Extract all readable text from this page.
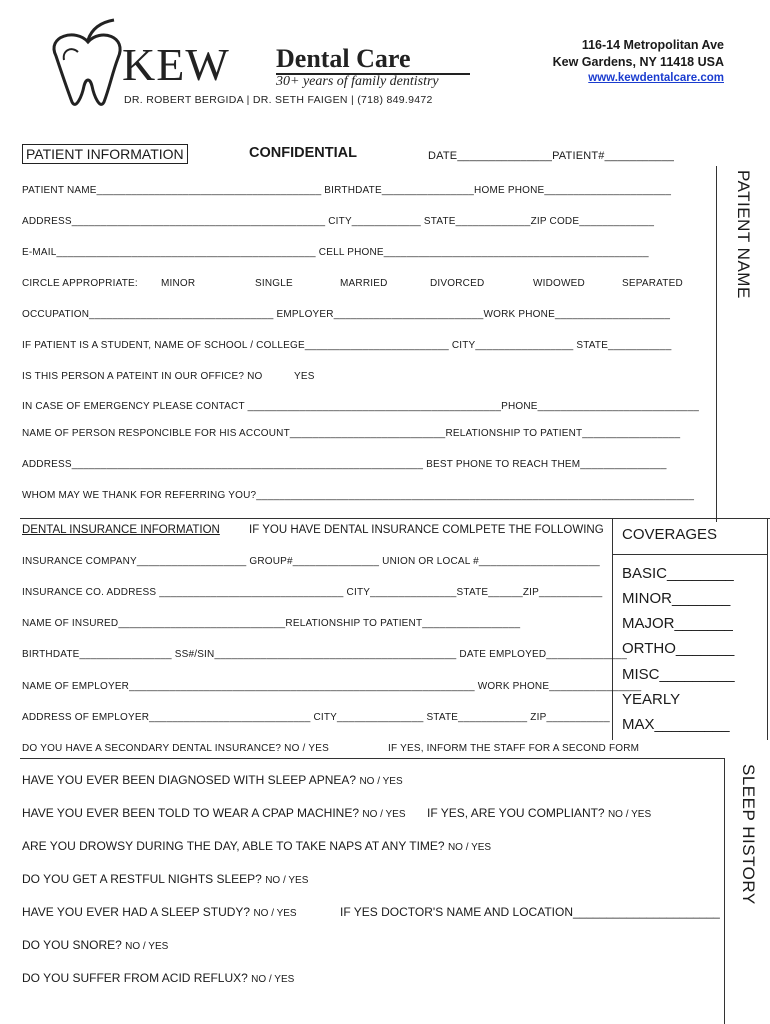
KEW Dental Care
30+ years of family dentistry
DR. ROBERT BERGIDA | DR. SETH FAIGEN | (718) 849.9472
116-14 Metropolitan Ave
Kew Gardens, NY 11418 USA
www.kewdentalcare.com
PATIENT INFORMATION	CONFIDENTIAL	DATE_______________PATIENT#___________
PATIENT NAME
PATIENT NAME_______________________________________ BIRTHDATE________________HOME PHONE______________________
ADDRESS____________________________________________ CITY____________ STATE_____________ZIP CODE_____________
E-MAIL_____________________________________________ CELL PHONE______________________________________________
CIRCLE APPROPRIATE: MINOR	SINGLE	MARRIED	DIVORCED	WIDOWED	SEPARATED
OCCUPATION________________________________ EMPLOYER__________________________WORK PHONE____________________
IF PATIENT IS A STUDENT, NAME OF SCHOOL / COLLEGE_________________________ CITY_________________ STATE___________
IS THIS PERSON A PATEINT IN OUR OFFICE? NO	YES
IN CASE OF EMERGENCY PLEASE CONTACT ____________________________________________PHONE____________________________
NAME OF PERSON RESPONCIBLE FOR HIS ACCOUNT___________________________RELATIONSHIP TO PATIENT_________________
ADDRESS_____________________________________________________________ BEST PHONE TO REACH THEM_______________
WHOM MAY WE THANK FOR REFERRING YOU?____________________________________________________________________________
DENTAL INSURANCE INFORMATION	IF YOU HAVE DENTAL INSURANCE COMLPETE THE FOLLOWING COVERAGES
BASIC________
MINOR_______
MAJOR_______
ORTHO_______
MISC_________
YEARLY
MAX_________
INSURANCE COMPANY___________________ GROUP#_______________ UNION OR LOCAL #_____________________
INSURANCE CO. ADDRESS ________________________________ CITY_______________STATE______ZIP___________
NAME OF INSURED_____________________________RELATIONSHIP TO PATIENT_________________
BIRTHDATE________________ SS#/SIN__________________________________________ DATE EMPLOYED______________
NAME OF EMPLOYER____________________________________________________________ WORK PHONE________________
ADDRESS OF EMPLOYER____________________________ CITY_______________ STATE____________ ZIP___________
DO YOU HAVE A SECONDARY DENTAL INSURANCE? NO / YES	IF YES, INFORM THE STAFF FOR A SECOND FORM
SLEEP HISTORY
HAVE YOU EVER BEEN DIAGNOSED WITH SLEEP APNEA? NO / YES
HAVE YOU EVER BEEN TOLD TO WEAR A CPAP MACHINE? NO / YES IF YES, ARE YOU COMPLIANT? NO / YES
ARE YOU DROWSY DURING THE DAY, ABLE TO TAKE NAPS AT ANY TIME? NO / YES
DO YOU GET A RESTFUL NIGHTS SLEEP? NO / YES
HAVE YOU EVER HAD A SLEEP STUDY? NO / YES	IF YES DOCTOR'S NAME AND LOCATION______________________
DO YOU SNORE? NO / YES
DO YOU SUFFER FROM ACID REFLUX? NO / YES
